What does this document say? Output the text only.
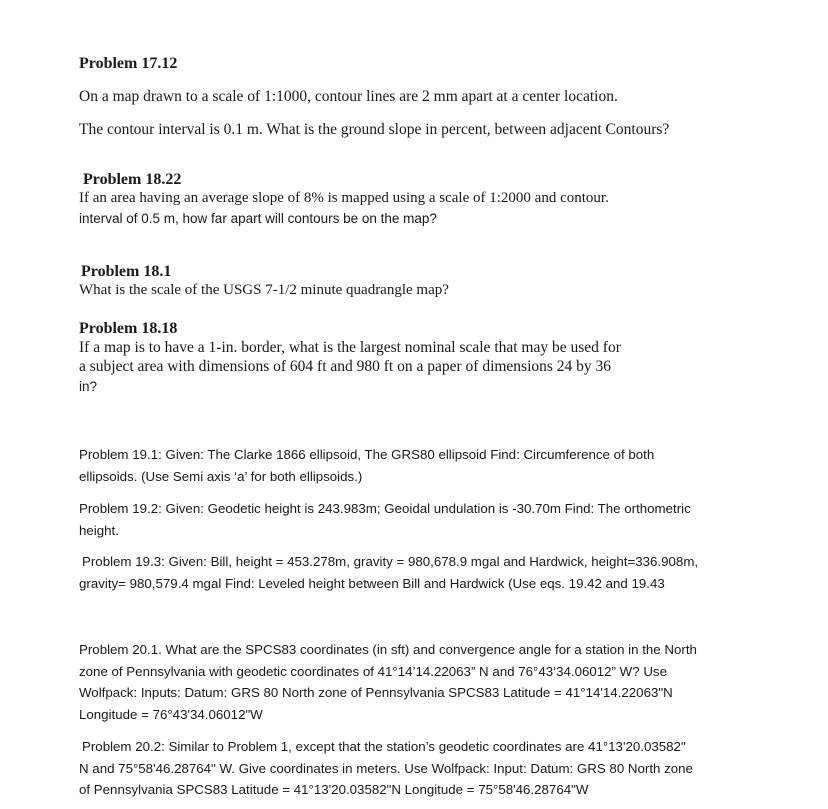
Problem 17.12
On a map drawn to a scale of 1:1000, contour lines are 2 mm apart at a center location.
The contour interval is 0.1 m. What is the ground slope in percent, between adjacent Contours?
Problem 18.22
If an area having an average slope of 8% is mapped using a scale of 1:2000 and contour.
interval of 0.5 m, how far apart will contours be on the map?
Problem 18.1
What is the scale of the USGS 7-1/2 minute quadrangle map?
Problem 18.18
If a map is to have a 1-in. border, what is the largest nominal scale that may be used for
a subject area with dimensions of 604 ft and 980 ft on a paper of dimensions 24 by 36
in?
Problem 19.1: Given: The Clarke 1866 ellipsoid, The GRS80 ellipsoid Find: Circumference of both
ellipsoids. (Use Semi axis ‘a’ for both ellipsoids.)
Problem 19.2: Given: Geodetic height is 243.983m; Geoidal undulation is -30.70m Find: The orthometric
height.
Problem 19.3: Given: Bill, height = 453.278m, gravity = 980,678.9 mgal and Hardwick, height=336.908m,
gravity= 980,579.4 mgal Find: Leveled height between Bill and Hardwick (Use eqs. 19.42 and 19.43
Problem 20.1. What are the SPCS83 coordinates (in sft) and convergence angle for a station in the North
zone of Pennsylvania with geodetic coordinates of 41°14’14.22063” N and 76°43’34.06012” W? Use
Wolfpack: Inputs: Datum: GRS 80 North zone of Pennsylvania SPCS83 Latitude = 41°14'14.22063"N
Longitude = 76°43'34.06012"W
Problem 20.2: Similar to Problem 1, except that the station’s geodetic coordinates are 41°13'20.03582"
N and 75°58'46.28764" W. Give coordinates in meters. Use Wolfpack: Input: Datum: GRS 80 North zone
of Pennsylvania SPCS83 Latitude = 41°13'20.03582"N Longitude = 75°58'46.28764"W
